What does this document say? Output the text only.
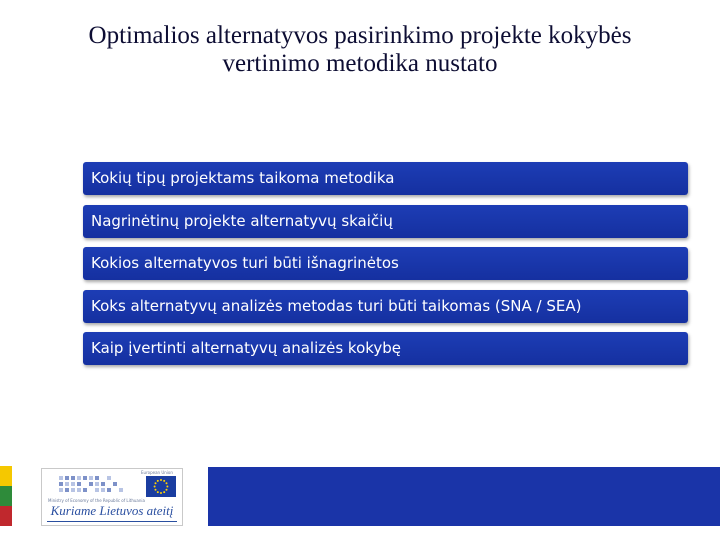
Optimalios alternatyvos pasirinkimo projekte kokybės
vertinimo metodika nustato
Kokių tipų projektams taikoma metodika
Nagrinėtinų projekte alternatyvų skaičių
Kokios alternatyvos turi būti išnagrinėtos
Koks alternatyvų analizės metodas turi būti taikomas (SNA / SEA)
Kaip įvertinti alternatyvų analizės kokybę
Ministry of Economy of the Republic of Lithuania
European Union
Kuriame Lietuvos ateitį
